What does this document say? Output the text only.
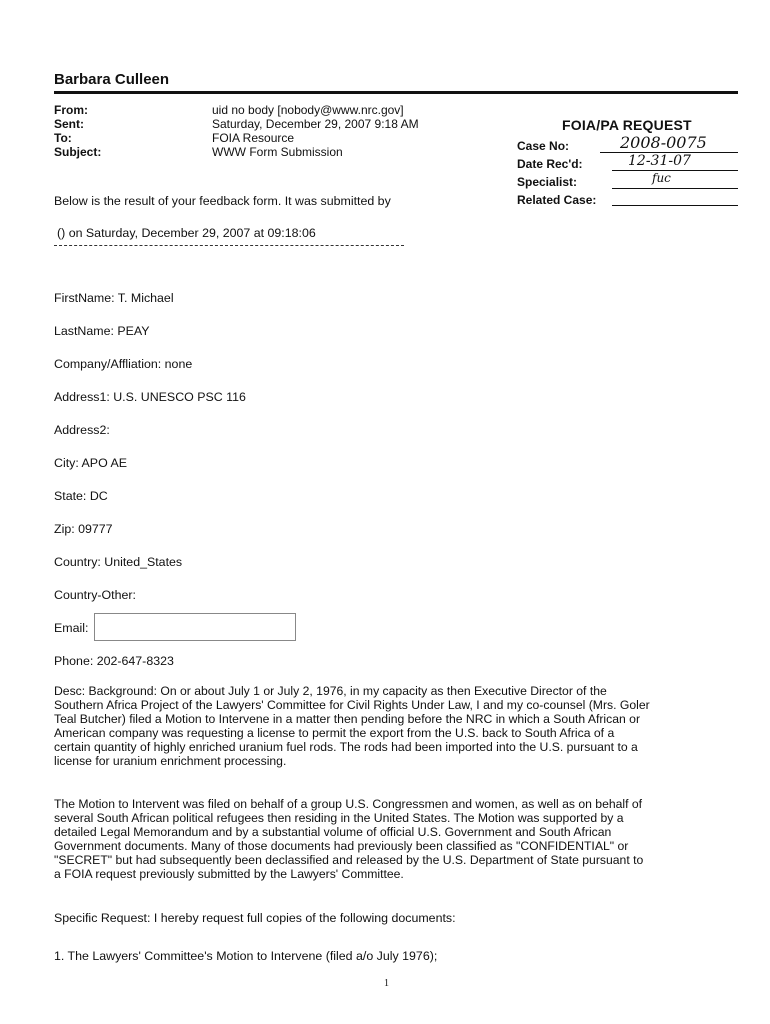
Barbara Culleen
From:	uid no body [nobody@www.nrc.gov]
Sent:	Saturday, December 29, 2007 9:18 AM
To:	FOIA Resource
Subject:	WWW Form Submission
FOIA/PA REQUEST
Case No:	2008-0075
Date Rec'd:	12-31-07
Specialist:	fuc
Related Case:
Below is the result of your feedback form. It was submitted by
() on Saturday, December 29, 2007 at 09:18:06
FirstName: T. Michael
LastName: PEAY
Company/Affliation: none
Address1: U.S. UNESCO PSC 116
Address2:
City: APO AE
State: DC
Zip: 09777
Country: United_States
Country-Other:
Email:
Phone: 202-647-8323
Desc: Background: On or about July 1 or July 2, 1976, in my capacity as then Executive Director of the
Southern Africa Project of the Lawyers' Committee for Civil Rights Under Law, I and my co-counsel (Mrs. Goler
Teal Butcher) filed a Motion to Intervene in a matter then pending before the NRC in which a South African or
American company was requesting a license to permit the export from the U.S. back to South Africa of a
certain quantity of highly enriched uranium fuel rods. The rods had been imported into the U.S. pursuant to a
license for uranium enrichment processing.
The Motion to Intervent was filed on behalf of a group U.S. Congressmen and women, as well as on behalf of
several South African political refugees then residing in the United States. The Motion was supported by a
detailed Legal Memorandum and by a substantial volume of official U.S. Government and South African
Government documents. Many of those documents had previously been classified as "CONFIDENTIAL" or
"SECRET" but had subsequently been declassified and released by the U.S. Department of State pursuant to
a FOIA request previously submitted by the Lawyers' Committee.
Specific Request: I hereby request full copies of the following documents:
1. The Lawyers' Committee's Motion to Intervene (filed a/o July 1976);
1
